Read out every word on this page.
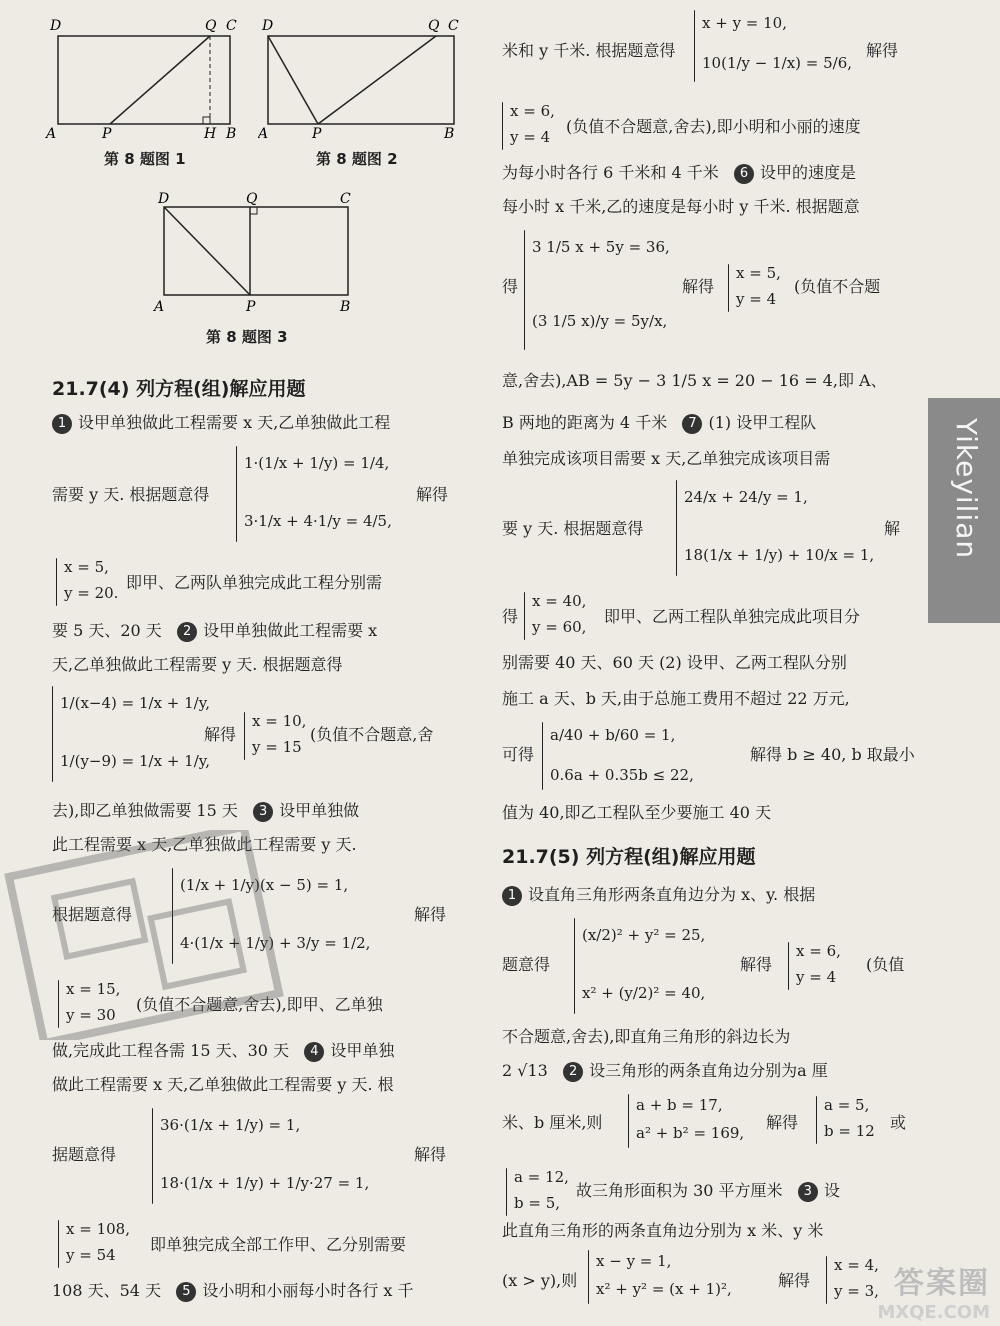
D	Q C
A	P	H B
第 8 题图 1
D	Q C
A	P	B
第 8 题图 2
D	Q	C
A	P	B
第 8 题图 3
21.7(4) 列方程(组)解应用题
1 设甲单独做此工程需要 x 天,乙单独做此工程
需要 y 天. 根据题意得
1·(1/x + 1/y) = 1/4,
3·1/x + 4·1/y = 4/5,
解得
x = 5,
y = 20.
即甲、乙两队单独完成此工程分别需
要 5 天、20 天 2 设甲单独做此工程需要 x
天,乙单独做此工程需要 y 天. 根据题意得
1/(x−4) = 1/x + 1/y,
1/(y−9) = 1/x + 1/y,
解得
x = 10,
y = 15
(负值不合题意,舍
去),即乙单独做需要 15 天 3 设甲单独做
此工程需要 x 天,乙单独做此工程需要 y 天.
根据题意得
(1/x + 1/y)(x − 5) = 1,
4·(1/x + 1/y) + 3/y = 1/2,
解得
x = 15,
y = 30
(负值不合题意,舍去),即甲、乙单独
做,完成此工程各需 15 天、30 天 4 设甲单独
做此工程需要 x 天,乙单独做此工程需要 y 天. 根
据题意得
36·(1/x + 1/y) = 1,
18·(1/x + 1/y) + 1/y·27 = 1,
解得
x = 108,
y = 54
即单独完成全部工作甲、乙分别需要
108 天、54 天 5 设小明和小丽每小时各行 x 千
x + y = 10,
10(1/y − 1/x) = 5/6,
米和 y 千米. 根据题意得	解得
x = 6,
y = 4
(负值不合题意,舍去),即小明和小丽的速度
为每小时各行 6 千米和 4 千米 6 设甲的速度是
每小时 x 千米,乙的速度是每小时 y 千米. 根据题意
得
3 1/5 x + 5y = 36,
(3 1/5 x)/y = 5y/x,
解得
x = 5,
y = 4
(负值不合题
意,舍去),AB = 5y − 3 1/5 x = 20 − 16 = 4,即 A、
B 两地的距离为 4 千米 7 (1) 设甲工程队
单独完成该项目需要 x 天,乙单独完成该项目需
要 y 天. 根据题意得
24/x + 24/y = 1,
18(1/x + 1/y) + 10/x = 1,
解
得
x = 40,
y = 60,
即甲、乙两工程队单独完成此项目分
别需要 40 天、60 天 (2) 设甲、乙两工程队分别
施工 a 天、b 天,由于总施工费用不超过 22 万元,
可得
a/40 + b/60 = 1,
0.6a + 0.35b ≤ 22,
解得 b ≥ 40, b 取最小
值为 40,即乙工程队至少要施工 40 天
21.7(5) 列方程(组)解应用题
1 设直角三角形两条直角边分为 x、y. 根据
题意得
(x/2)² + y² = 25,
x² + (y/2)² = 40,
解得
x = 6,
y = 4
(负值
不合题意,舍去),即直角三角形的斜边长为
2 √13 2 设三角形的两条直角边分别为a 厘
米、b 厘米,则
a + b = 17,
a² + b² = 169,
解得
a = 5,
b = 12 或
a = 12,
b = 5,
故三角形面积为 30 平方厘米 3 设
此直角三角形的两条直角边分别为 x 米、y 米
(x > y),则
x − y = 1,
x² + y² = (x + 1)²,	解得
x = 4,
y = 3,
Yikeyilian
答案圈
MXQE.COM
